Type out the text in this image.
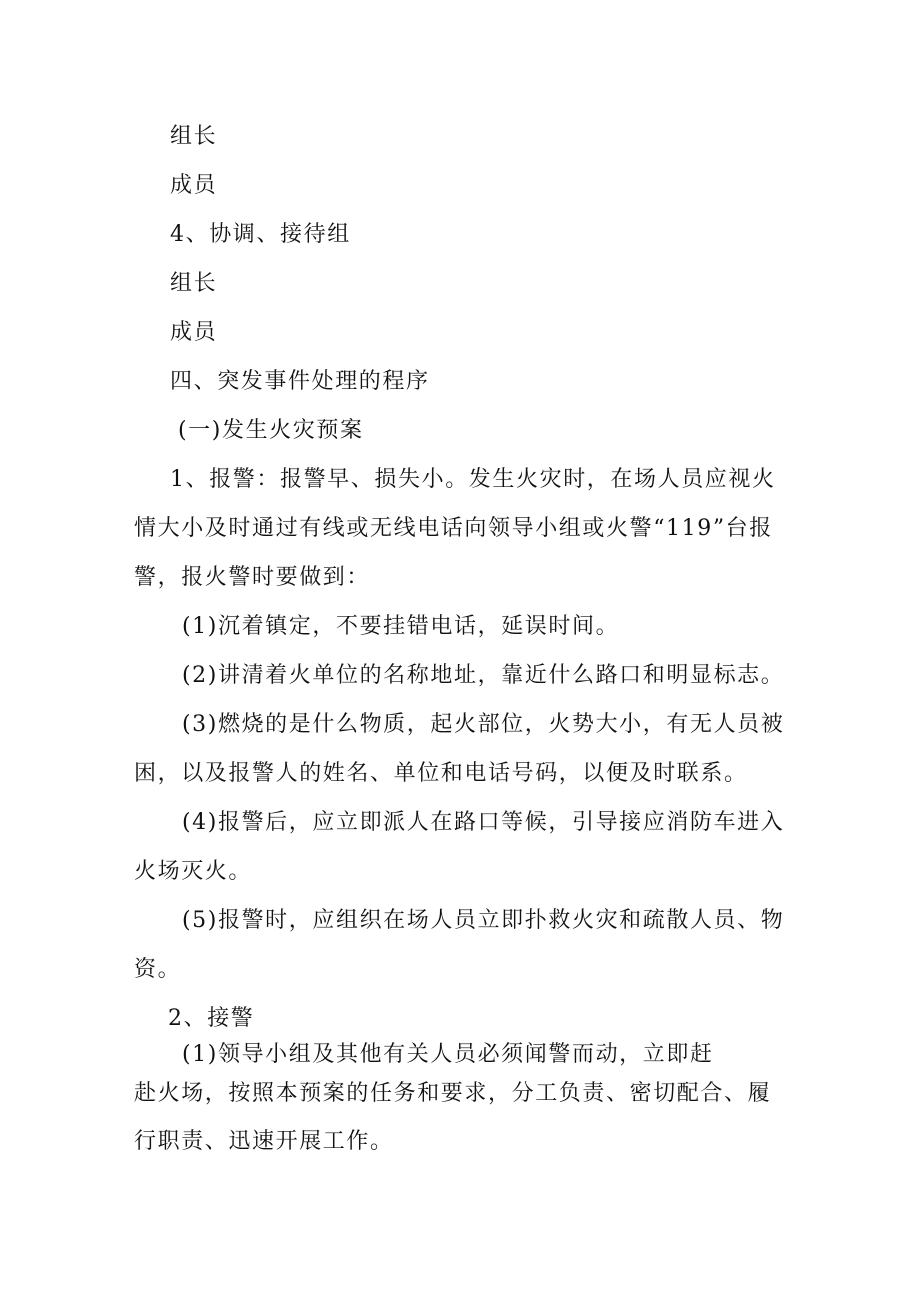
组长
成员
4、协调、接待组
组长
成员
四、突发事件处理的程序
(一)发生火灾预案
1、报警：报警早、损失小。发生火灾时，在场人员应视火
情大小及时通过有线或无线电话向领导小组或火警“119”台报
警，报火警时要做到：
(1)沉着镇定，不要挂错电话，延误时间。
(2)讲清着火单位的名称地址，靠近什么路口和明显标志。
(3)燃烧的是什么物质，起火部位，火势大小，有无人员被
困，以及报警人的姓名、单位和电话号码，以便及时联系。
(4)报警后，应立即派人在路口等候，引导接应消防车进入
火场灭火。
(5)报警时，应组织在场人员立即扑救火灾和疏散人员、物
资。
2、接警
(1)领导小组及其他有关人员必须闻警而动，立即赶
赴火场，按照本预案的任务和要求，分工负责、密切配合、履
行职责、迅速开展工作。
